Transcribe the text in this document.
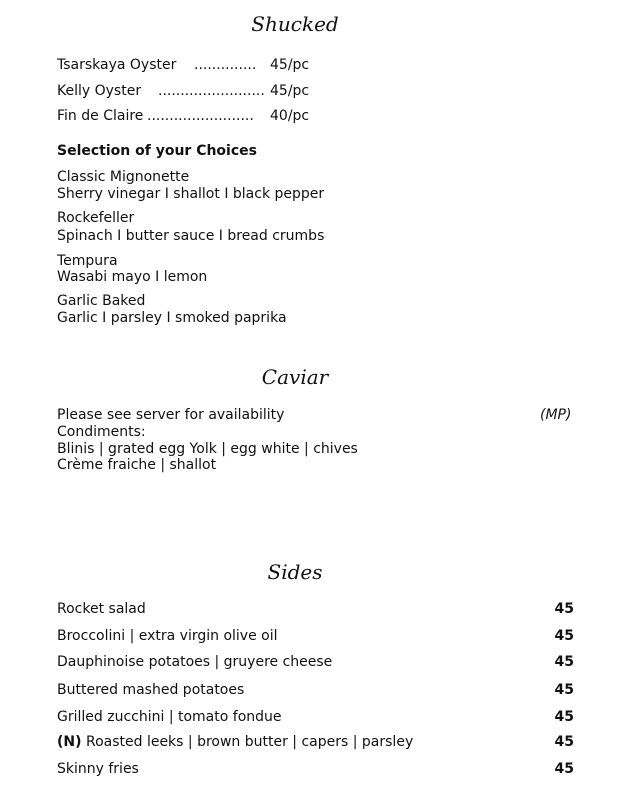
Shucked
Tsarskaya Oyster .............. 45/pc
Kelly Oyster ........................ 45/pc
Fin de Claire ........................ 40/pc
Selection of your Choices
Classic Mignonette
Sherry vinegar I shallot I black pepper
Rockefeller
Spinach I butter sauce I bread crumbs
Tempura
Wasabi mayo I lemon
Garlic Baked
Garlic I parsley I smoked paprika
Caviar
Please see server for availability	(MP)
Condiments:
Blinis | grated egg Yolk | egg white | chives
Crème fraiche | shallot
Sides
Rocket salad	45
Broccolini | extra virgin olive oil	45
Dauphinoise potatoes | gruyere cheese	45
Buttered mashed potatoes	45
Grilled zucchini | tomato fondue	45
(N) Roasted leeks | brown butter | capers | parsley	45
Skinny fries	45
